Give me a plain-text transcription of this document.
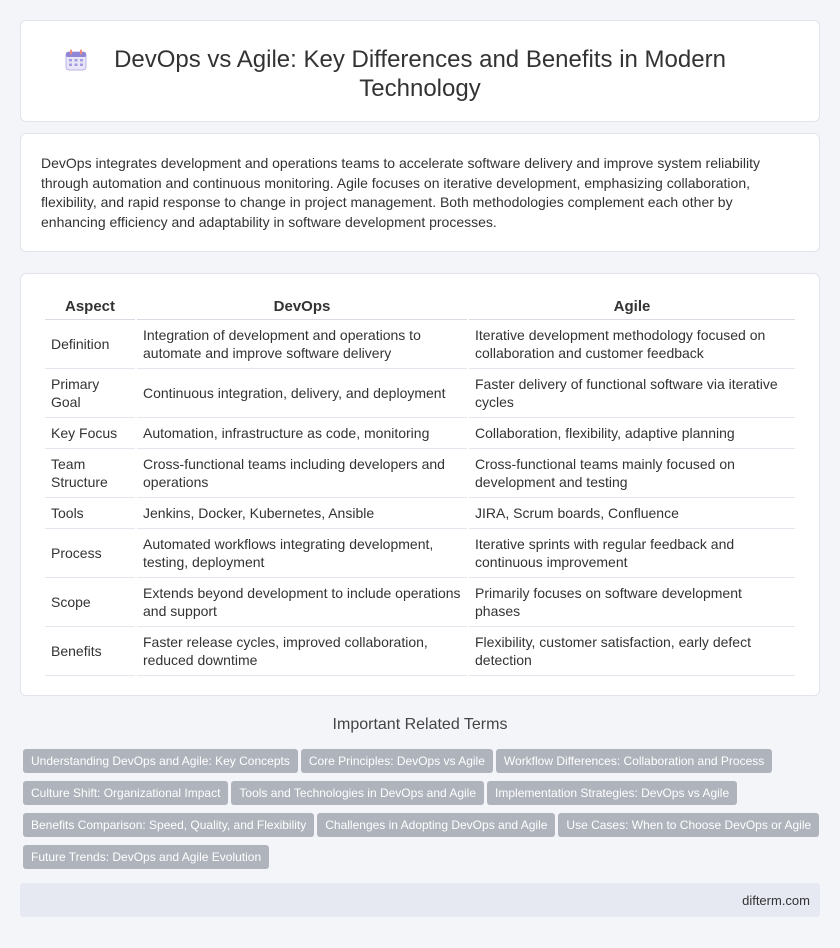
DevOps vs Agile: Key Differences and Benefits in Modern
Technology

DevOps integrates development and operations teams to accelerate software delivery and improve system reliability through automation and continuous monitoring. Agile focuses on iterative development, emphasizing collaboration, flexibility, and rapid response to change in project management. Both methodologies complement each other by enhancing efficiency and adaptability in software development processes.

Aspect	DevOps	Agile
Definition	Integration of development and operations to automate and improve software delivery	Iterative development methodology focused on collaboration and customer feedback
Primary Goal	Continuous integration, delivery, and deployment	Faster delivery of functional software via iterative cycles
Key Focus	Automation, infrastructure as code, monitoring	Collaboration, flexibility, adaptive planning
Team Structure	Cross-functional teams including developers and operations	Cross-functional teams mainly focused on development and testing
Tools	Jenkins, Docker, Kubernetes, Ansible	JIRA, Scrum boards, Confluence
Process	Automated workflows integrating development, testing, deployment	Iterative sprints with regular feedback and continuous improvement
Scope	Extends beyond development to include operations and support	Primarily focuses on software development phases
Benefits	Faster release cycles, improved collaboration, reduced downtime	Flexibility, customer satisfaction, early defect detection
Important Related Terms
Understanding DevOps and Agile: Key Concepts Core Principles: DevOps vs Agile Workflow Differences: Collaboration and Process
Culture Shift: Organizational Impact Tools and Technologies in DevOps and Agile Implementation Strategies: DevOps vs Agile
Benefits Comparison: Speed, Quality, and Flexibility Challenges in Adopting DevOps and Agile Use Cases: When to Choose DevOps or Agile
Future Trends: DevOps and Agile Evolution
difterm.com
